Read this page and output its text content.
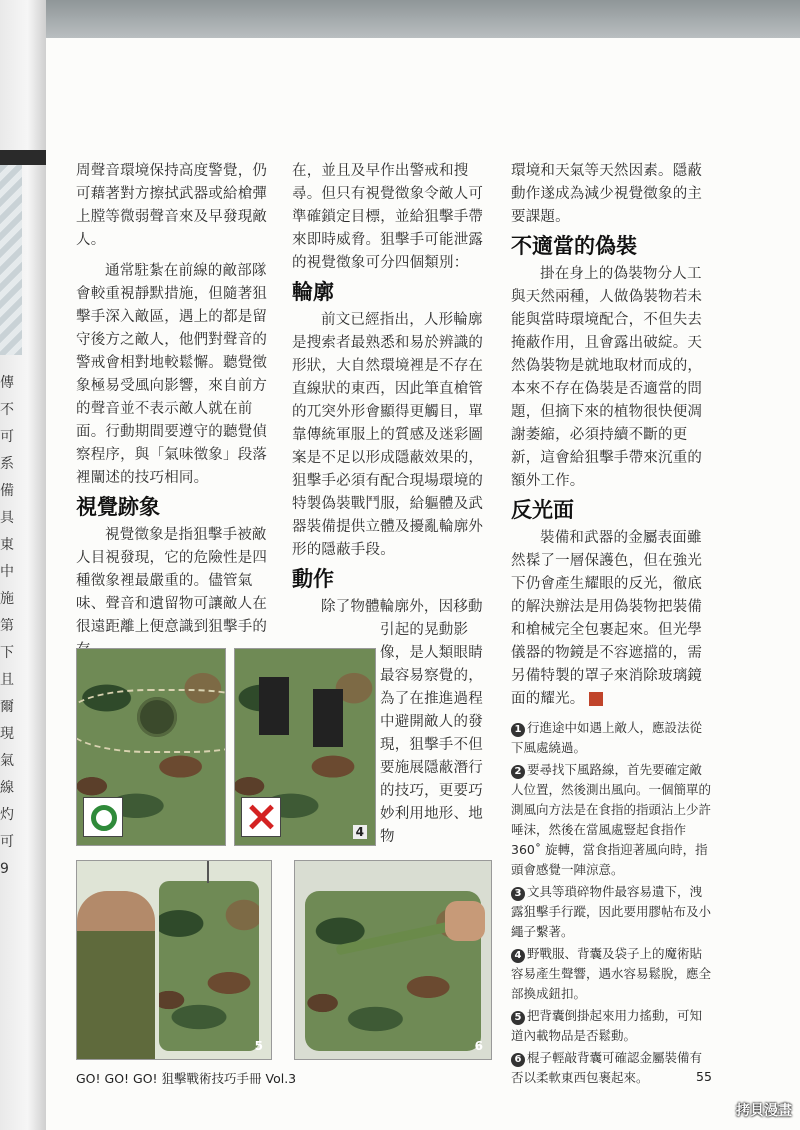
傳 不 可 系 備 具 東 中 施 第 下 且 爾 現 氣 線 灼 可 9

周聲音環境保持高度警覺，仍可藉著對方擦拭武器或給槍彈上膛等微弱聲音來及早發現敵人。

通常駐紮在前線的敵部隊會較重視靜默措施，但隨著狙擊手深入敵區，遇上的都是留守後方之敵人，他們對聲音的警戒會相對地較鬆懈。聽覺徵象極易受風向影響，來自前方的聲音並不表示敵人就在前面。行動期間要遵守的聽覺偵察程序，與「氣味徵象」段落裡闡述的技巧相同。

視覺跡象

視覺徵象是指狙擊手被敵人目視發現，它的危險性是四種徵象裡最嚴重的。儘管氣味、聲音和遺留物可讓敵人在很遠距離上便意識到狙擊手的

在，並且及早作出警戒和搜尋。但只有視覺徵象令敵人可準確鎖定目標，並給狙擊手帶來即時威脅。狙擊手可能泄露的視覺徵象可分四個類別：

輪廓

前文已經指出，人形輪廓是搜索者最熟悉和易於辨識的形狀，大自然環境裡是不存在直線狀的東西，因此筆直槍管的兀突外形會顯得更觸目，單靠傳統軍服上的質感及迷彩圖案是不足以形成隱蔽效果的，狙擊手必須有配合現場環境的特製偽裝戰鬥服，給軀體及武器裝備提供立體及擾亂輪廓外形的隱蔽手段。

動作

除了物體輪廓外，因移動

引起的晃動影像，是人類眼睛最容易察覺的，為了在推進過程中避開敵人的發現，狙擊手不但要施展隱蔽潛行的技巧，更要巧妙利用地形、地物

環境和天氣等天然因素。隱蔽動作遂成為減少視覺徵象的主要課題。

不適當的偽裝

掛在身上的偽裝物分人工與天然兩種，人做偽裝物若未能與當時環境配合，不但失去掩蔽作用，且會露出破綻。天然偽裝物是就地取材而成的，本來不存在偽裝是否適當的問題，但摘下來的植物很快便凋謝萎縮，必須持續不斷的更新，這會給狙擊手帶來沉重的額外工作。

反光面

裝備和武器的金屬表面雖然髹了一層保護色，但在強光下仍會產生耀眼的反光，徹底的解決辦法是用偽裝物把裝備和槍械完全包裹起來。但光學儀器的物鏡是不容遮擋的，需另備特製的罩子來消除玻璃鏡面的耀光。

1 行進途中如遇上敵人，應設法從下風處繞過。
2 要尋找下風路線，首先要確定敵人位置，然後測出風向。一個簡單的測風向方法是在食指的指頭沾上少許唾沫，然後在當風處豎起食指作 360˚ 旋轉，當食指迎著風向時，指頭會感覺一陣涼意。
3 文具等瑣碎物件最容易遺下，洩露狙擊手行蹤，因此要用膠帖布及小繩子繫著。
4 野戰服、背囊及袋子上的魔術貼容易產生聲響，遇水容易鬆脫，應全部換成鈕扣。
5 把背囊倒掛起來用力搖動，可知道內載物品是否鬆動。
6 棍子輕敲背囊可確認金屬裝備有否以柔軟東西包裹起來。
4
5	6
GO! GO! GO! 狙擊戰術技巧手冊 Vol.3	55
拷貝漫畫
